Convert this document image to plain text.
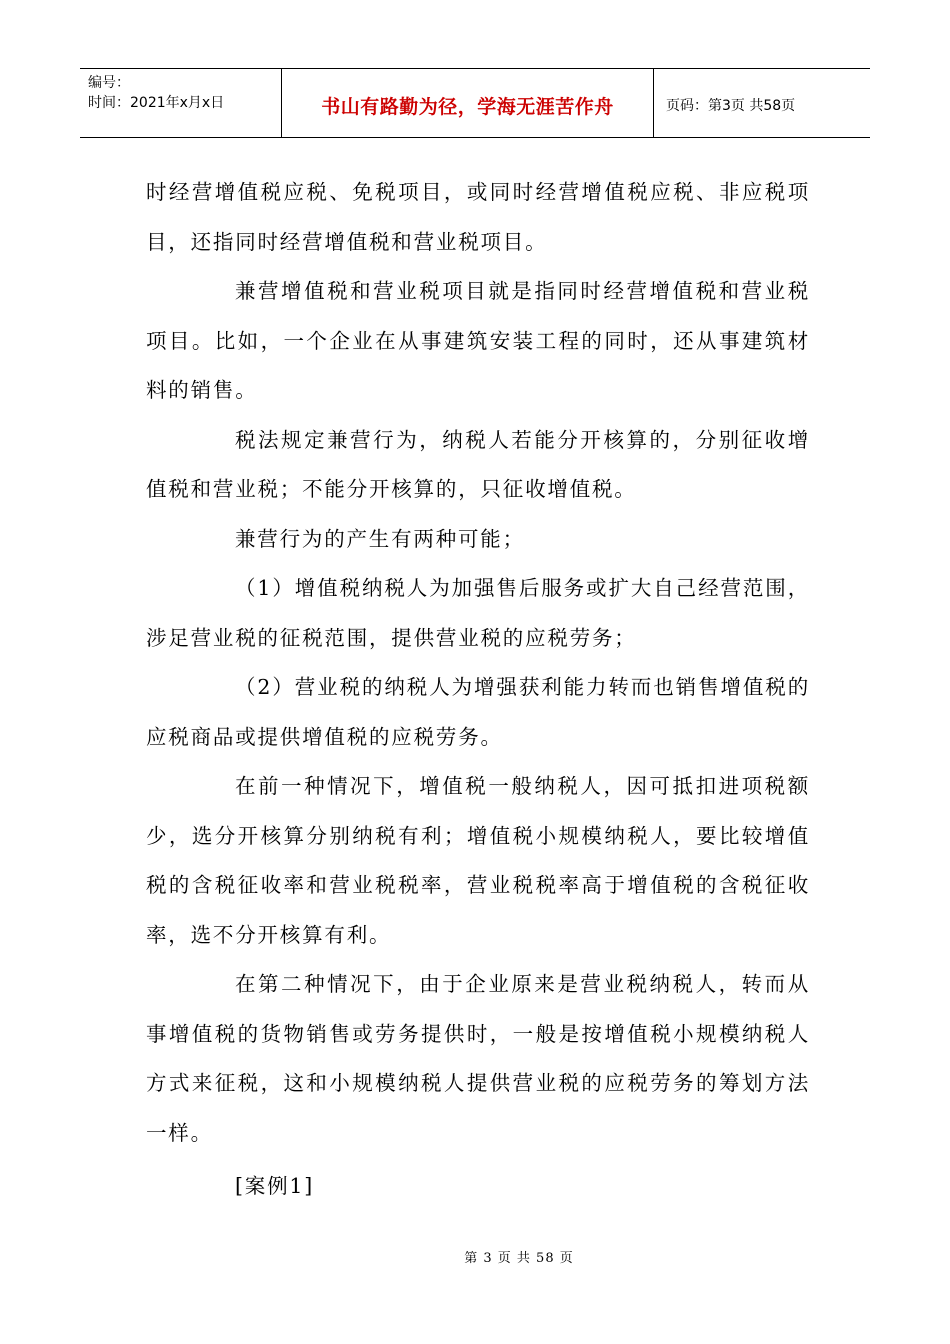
编号：
时间：2021年x月x日	书山有路勤为径，学海无涯苦作舟	页码：第3页 共58页

时经营增值税应税、免税项目，或同时经营增值税应税、非应税项目，还指同时经营增值税和营业税项目。

兼营增值税和营业税项目就是指同时经营增值税和营业税项目。比如，一个企业在从事建筑安装工程的同时，还从事建筑材料的销售。

税法规定兼营行为，纳税人若能分开核算的，分别征收增值税和营业税；不能分开核算的，只征收增值税。

兼营行为的产生有两种可能；

（1）增值税纳税人为加强售后服务或扩大自己经营范围，涉足营业税的征税范围，提供营业税的应税劳务；

（2）营业税的纳税人为增强获利能力转而也销售增值税的应税商品或提供增值税的应税劳务。

在前一种情况下，增值税一般纳税人，因可抵扣进项税额少，选分开核算分别纳税有利；增值税小规模纳税人，要比较增值税的含税征收率和营业税税率，营业税税率高于增值税的含税征收率，选不分开核算有利。

在第二种情况下，由于企业原来是营业税纳税人，转而从事增值税的货物销售或劳务提供时，一般是按增值税小规模纳税人方式来征税，这和小规模纳税人提供营业税的应税劳务的筹划方法一样。

[案例1]

第 3 页 共 58 页
